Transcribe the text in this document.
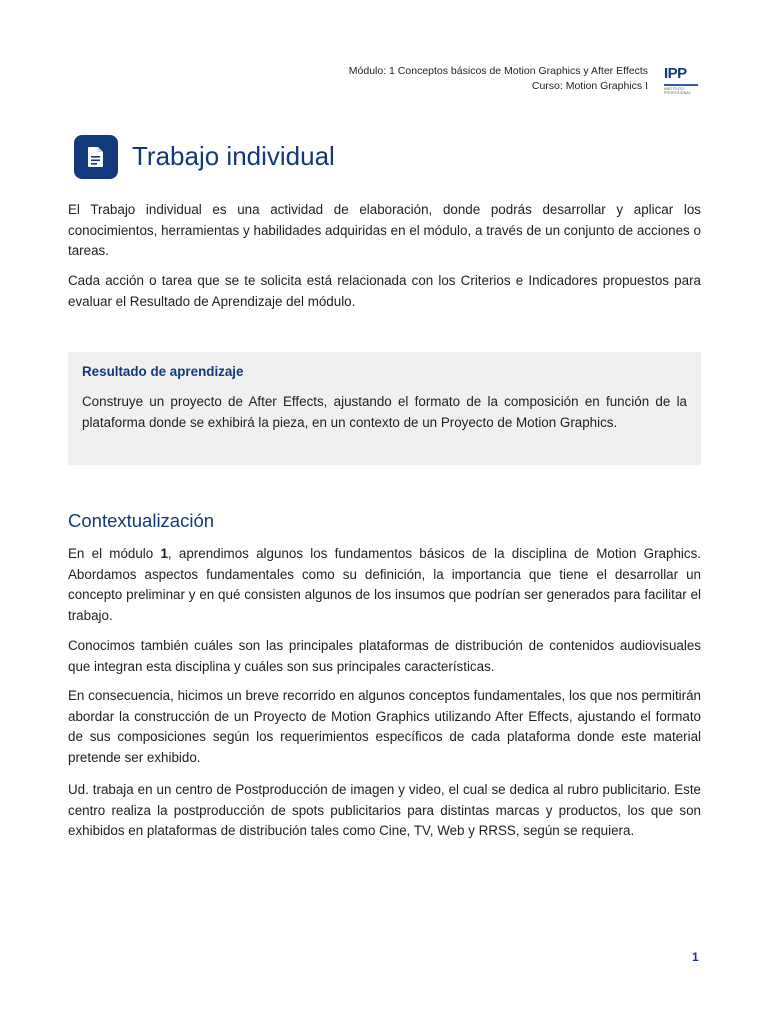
Módulo: 1 Conceptos básicos de Motion Graphics y After Effects
Curso: Motion Graphics I
IPP
INSTITUTO PROFESIONAL
Trabajo individual

El Trabajo individual es una actividad de elaboración, donde podrás desarrollar y aplicar los conocimientos, herramientas y habilidades adquiridas en el módulo, a través de un conjunto de acciones o tareas.

Cada acción o tarea que se te solicita está relacionada con los Criterios e Indicadores propuestos para evaluar el Resultado de Aprendizaje del módulo.

Resultado de aprendizaje

Construye un proyecto de After Effects, ajustando el formato de la composición en función de la plataforma donde se exhibirá la pieza, en un contexto de un Proyecto de Motion Graphics.

Contextualización

En el módulo 1, aprendimos algunos los fundamentos básicos de la disciplina de Motion Graphics. Abordamos aspectos fundamentales como su definición, la importancia que tiene el desarrollar un concepto preliminar y en qué consisten algunos de los insumos que podrían ser generados para facilitar el trabajo.

Conocimos también cuáles son las principales plataformas de distribución de contenidos audiovisuales que integran esta disciplina y cuáles son sus principales características.

En consecuencia, hicimos un breve recorrido en algunos conceptos fundamentales, los que nos permitirán abordar la construcción de un Proyecto de Motion Graphics utilizando After Effects, ajustando el formato de sus composiciones según los requerimientos específicos de cada plataforma donde este material pretende ser exhibido.

Ud. trabaja en un centro de Postproducción de imagen y video, el cual se dedica al rubro publicitario. Este centro realiza la postproducción de spots publicitarios para distintas marcas y productos, los que son exhibidos en plataformas de distribución tales como Cine, TV, Web y RRSS, según se requiera.

1
